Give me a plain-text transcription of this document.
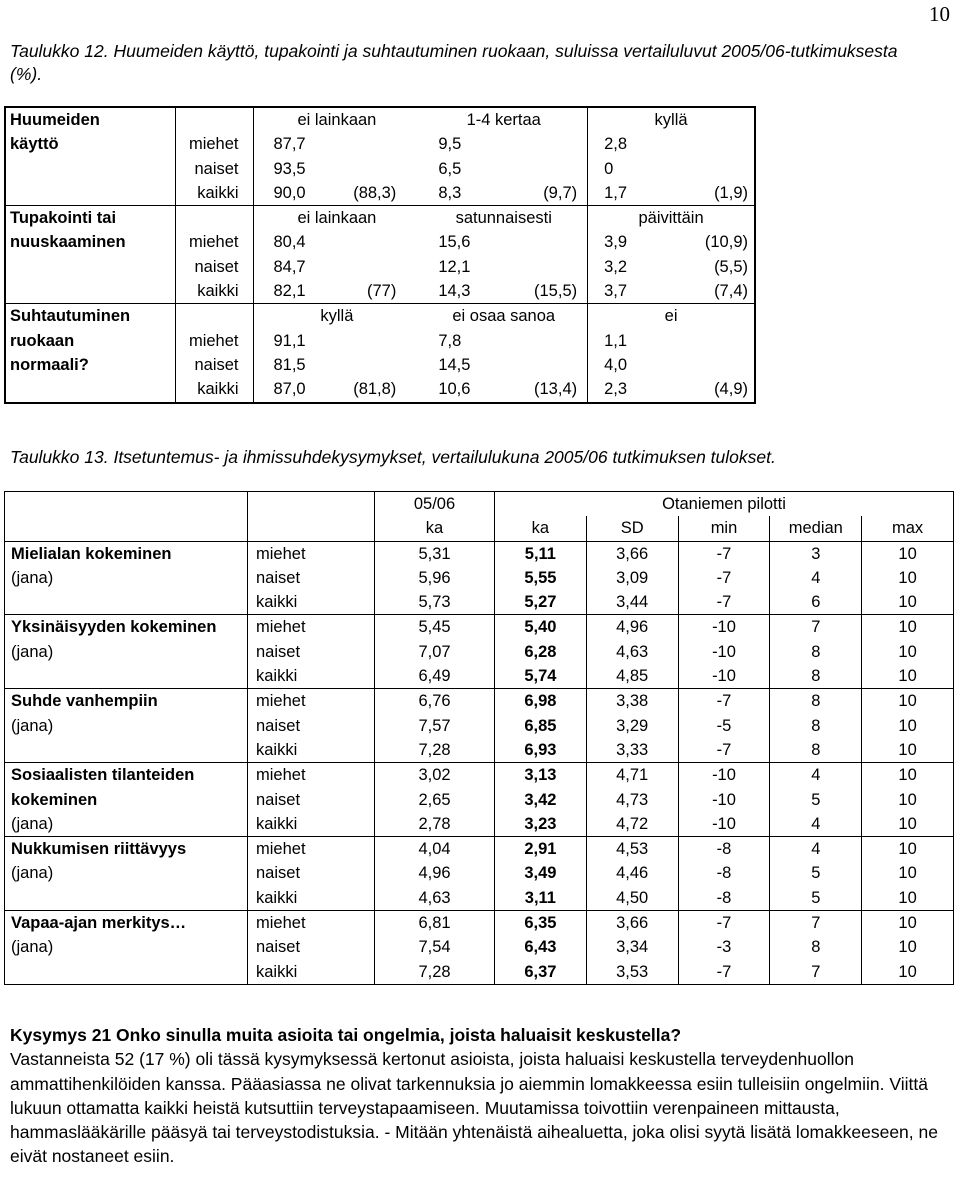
10
Taulukko 12. Huumeiden käyttö, tupakointi ja suhtautuminen ruokaan, suluissa vertailuluvut 2005/06-tutkimuksesta (%).
Huumeiden
käyttö		ei lainkaan		1-4 kertaa		kyllä	
	miehet	87,7		9,5		2,8	
	naiset	93,5		6,5		0	
	kaikki	90,0	(88,3)	8,3	(9,7)	1,7	(1,9)

Tupakointi tai
nuuskaaminen		ei lainkaan		satunnaisesti		päivittäin	
	miehet	80,4		15,6		3,9	(10,9)
	naiset	84,7		12,1		3,2	(5,5)
	kaikki	82,1	(77)	14,3	(15,5)	3,7	(7,4)

Suhtautuminen
ruokaan
normaali?		kyllä		ei osaa sanoa		ei	
	miehet	91,1		7,8		1,1	
	naiset	81,5		14,5		4,0	
	kaikki	87,0	(81,8)	10,6	(13,4)	2,3	(4,9)
Taulukko 13. Itsetuntemus- ja ihmissuhdekysymykset, vertailulukuna 2005/06 tutkimuksen tulokset.
		05/06	Otaniemen pilotti				
		ka	ka	SD	min	median	max
Mielialan kokeminen
(jana)	miehet	5,31	5,11	3,66	-7	3	10
	naiset	5,96	5,55	3,09	-7	4	10
	kaikki	5,73	5,27	3,44	-7	6	10
Yksinäisyyden kokeminen
(jana)	miehet	5,45	5,40	4,96	-10	7	10
	naiset	7,07	6,28	4,63	-10	8	10
	kaikki	6,49	5,74	4,85	-10	8	10
Suhde vanhempiin
(jana)	miehet	6,76	6,98	3,38	-7	8	10
	naiset	7,57	6,85	3,29	-5	8	10
	kaikki	7,28	6,93	3,33	-7	8	10
Sosiaalisten tilanteiden kokeminen
(jana)	miehet	3,02	3,13	4,71	-10	4	10
	naiset	2,65	3,42	4,73	-10	5	10
	kaikki	2,78	3,23	4,72	-10	4	10
Nukkumisen riittävyys
(jana)	miehet	4,04	2,91	4,53	-8	4	10
	naiset	4,96	3,49	4,46	-8	5	10
	kaikki	4,63	3,11	4,50	-8	5	10
Vapaa-ajan merkitys…
(jana)	miehet	6,81	6,35	3,66	-7	7	10
	naiset	7,54	6,43	3,34	-3	8	10
	kaikki	7,28	6,37	3,53	-7	7	10
Kysymys 21 Onko sinulla muita asioita tai ongelmia, joista haluaisit keskustella?
Vastanneista 52 (17 %) oli tässä kysymyksessä kertonut asioista, joista haluaisi keskustella terveydenhuollon ammattihenkilöiden kanssa. Pääasiassa ne olivat tarkennuksia jo aiemmin lomakkeessa esiin tulleisiin ongelmiin. Viittä lukuun ottamatta kaikki heistä kutsuttiin terveystapaamiseen. Muutamissa toivottiin verenpaineen mittausta, hammaslääkärille pääsyä tai terveystodistuksia. - Mitään yhtenäistä aihealuetta, joka olisi syytä lisätä lomakkeeseen, ne eivät nostaneet esiin.
